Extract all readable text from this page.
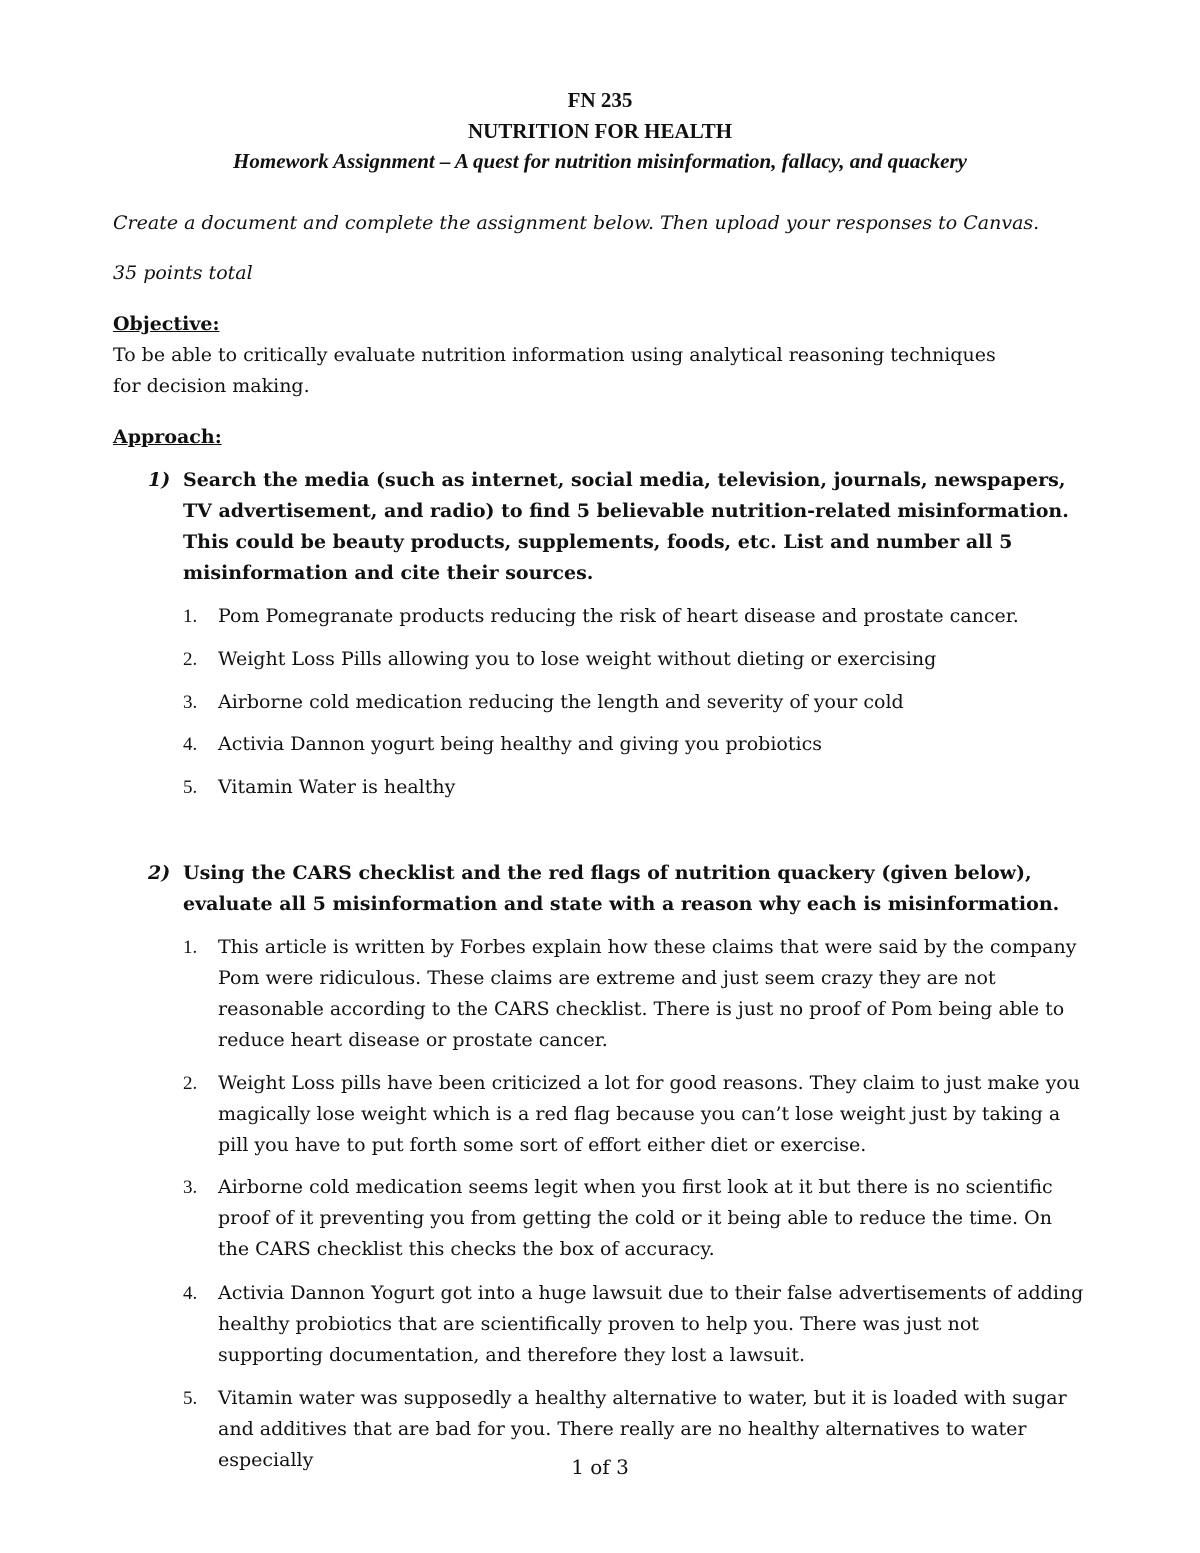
FN 235
NUTRITION FOR HEALTH
Homework Assignment – A quest for nutrition misinformation, fallacy, and quackery
Create a document and complete the assignment below. Then upload your responses to Canvas.
35 points total
Objective:
To be able to critically evaluate nutrition information using analytical reasoning techniques for decision making.
Approach:
1) Search the media (such as internet, social media, television, journals, newspapers, TV advertisement, and radio) to find 5 believable nutrition-related misinformation. This could be beauty products, supplements, foods, etc. List and number all 5 misinformation and cite their sources.
1. Pom Pomegranate products reducing the risk of heart disease and prostate cancer.
2. Weight Loss Pills allowing you to lose weight without dieting or exercising
3. Airborne cold medication reducing the length and severity of your cold
4. Activia Dannon yogurt being healthy and giving you probiotics
5. Vitamin Water is healthy
2) Using the CARS checklist and the red flags of nutrition quackery (given below), evaluate all 5 misinformation and state with a reason why each is misinformation.
1. This article is written by Forbes explain how these claims that were said by the company Pom were ridiculous. These claims are extreme and just seem crazy they are not reasonable according to the CARS checklist. There is just no proof of Pom being able to reduce heart disease or prostate cancer.
2. Weight Loss pills have been criticized a lot for good reasons. They claim to just make you magically lose weight which is a red flag because you can’t lose weight just by taking a pill you have to put forth some sort of effort either diet or exercise.
3. Airborne cold medication seems legit when you first look at it but there is no scientific proof of it preventing you from getting the cold or it being able to reduce the time. On the CARS checklist this checks the box of accuracy.
4. Activia Dannon Yogurt got into a huge lawsuit due to their false advertisements of adding healthy probiotics that are scientifically proven to help you. There was just not supporting documentation, and therefore they lost a lawsuit.
5. Vitamin water was supposedly a healthy alternative to water, but it is loaded with sugar and additives that are bad for you. There really are no healthy alternatives to water especially	1 of 3
